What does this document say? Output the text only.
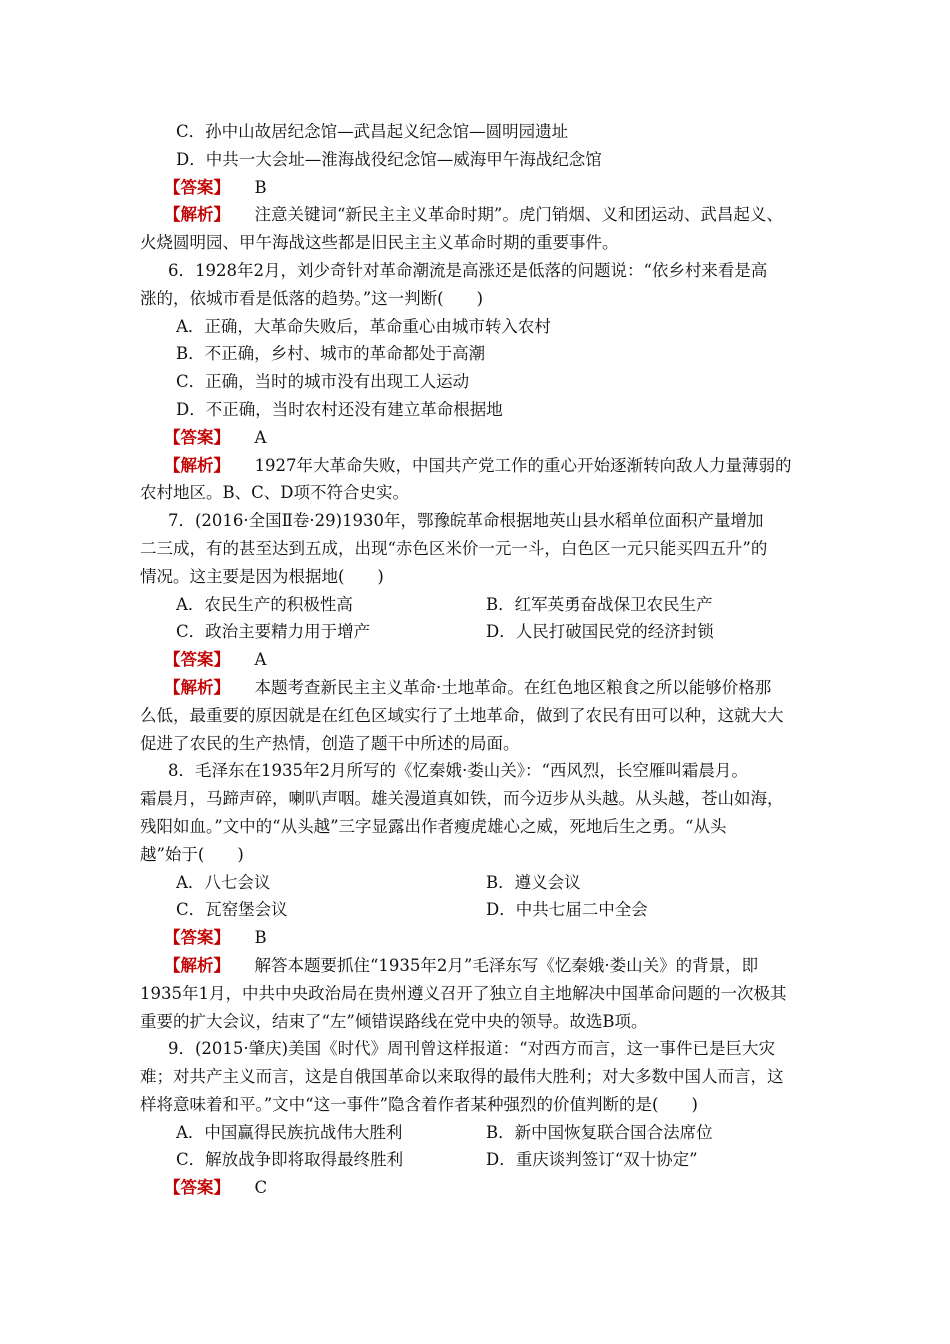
C．孙中山故居纪念馆—武昌起义纪念馆—圆明园遗址
D．中共一大会址—淮海战役纪念馆—威海甲午海战纪念馆
【答案】 B
【解析】 注意关键词“新民主主义革命时期”。虎门销烟、义和团运动、武昌起义、
火烧圆明园、甲午海战这些都是旧民主主义革命时期的重要事件。
6．1928年2月，刘少奇针对革命潮流是高涨还是低落的问题说：“依乡村来看是高
涨的，依城市看是低落的趋势。”这一判断(　　)
A．正确，大革命失败后，革命重心由城市转入农村
B．不正确，乡村、城市的革命都处于高潮
C．正确，当时的城市没有出现工人运动
D．不正确，当时农村还没有建立革命根据地
【答案】 A
【解析】 1927年大革命失败，中国共产党工作的重心开始逐渐转向敌人力量薄弱的
农村地区。B、C、D项不符合史实。
7．(2016·全国Ⅱ卷·29)1930年，鄂豫皖革命根据地英山县水稻单位面积产量增加
二三成，有的甚至达到五成，出现“赤色区米价一元一斗，白色区一元只能买四五升”的
情况。这主要是因为根据地(　　)
A．农民生产的积极性高	B．红军英勇奋战保卫农民生产
C．政治主要精力用于增产	D．人民打破国民党的经济封锁
【答案】 A
【解析】 本题考查新民主主义革命·土地革命。在红色地区粮食之所以能够价格那
么低，最重要的原因就是在红色区域实行了土地革命，做到了农民有田可以种，这就大大
促进了农民的生产热情，创造了题干中所述的局面。
8．毛泽东在1935年2月所写的《忆秦娥·娄山关》：“西风烈，长空雁叫霜晨月。
霜晨月，马蹄声碎，喇叭声咽。雄关漫道真如铁，而今迈步从头越。从头越，苍山如海，
残阳如血。”文中的“从头越”三字显露出作者瘦虎雄心之威，死地后生之勇。“从头
越”始于(　　)
A．八七会议	B．遵义会议
C．瓦窑堡会议	D．中共七届二中全会
【答案】 B
【解析】 解答本题要抓住“1935年2月”毛泽东写《忆秦娥·娄山关》的背景，即
1935年1月，中共中央政治局在贵州遵义召开了独立自主地解决中国革命问题的一次极其
重要的扩大会议，结束了“左”倾错误路线在党中央的领导。故选B项。
9．(2015·肇庆)美国《时代》周刊曾这样报道：“对西方而言，这一事件已是巨大灾
难；对共产主义而言，这是自俄国革命以来取得的最伟大胜利；对大多数中国人而言，这
样将意味着和平。”文中“这一事件”隐含着作者某种强烈的价值判断的是(　　)
A．中国赢得民族抗战伟大胜利	B．新中国恢复联合国合法席位
C．解放战争即将取得最终胜利	D．重庆谈判签订“双十协定”
【答案】 C
